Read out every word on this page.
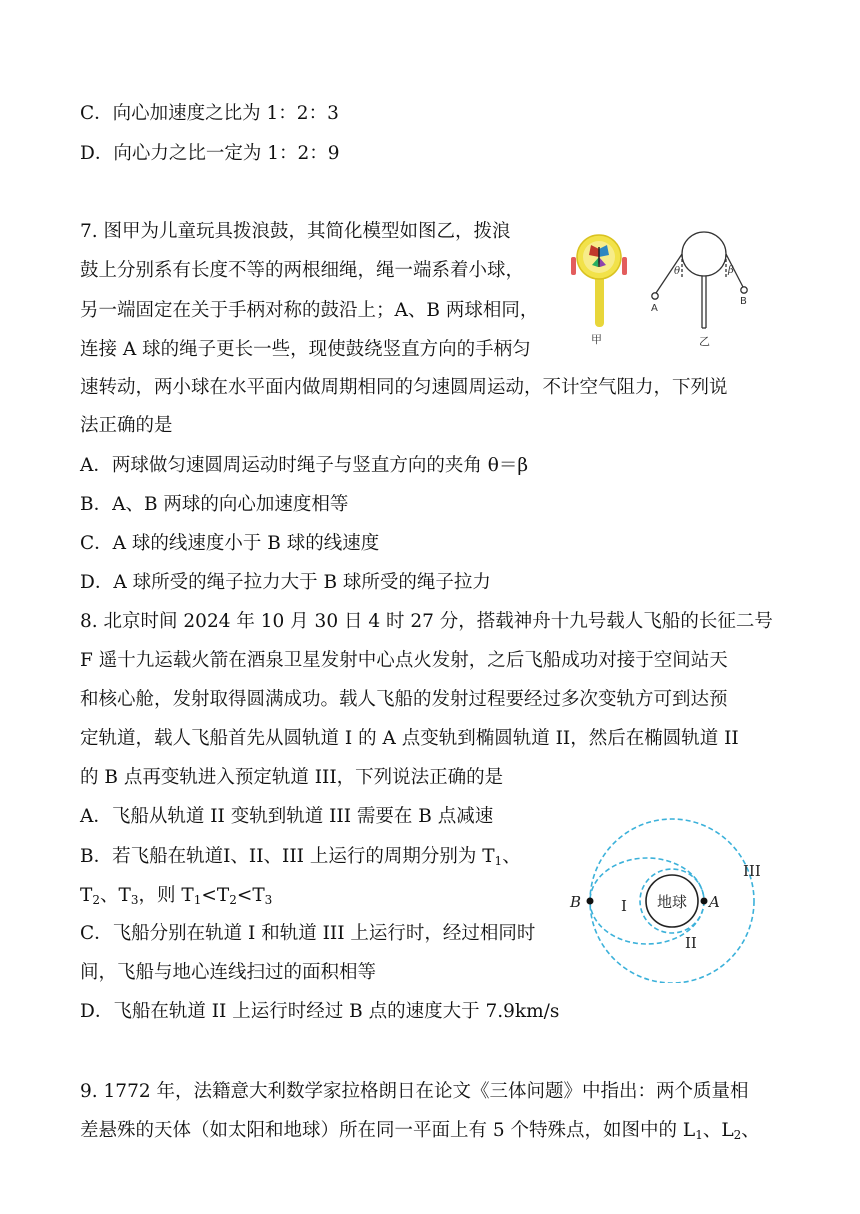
C．向心加速度之比为 1：2：3
D．向心力之比一定为 1：2：9
7. 图甲为儿童玩具拨浪鼓，其简化模型如图乙，拨浪
鼓上分别系有长度不等的两根细绳，绳一端系着小球，
另一端固定在关于手柄对称的鼓沿上；A、B 两球相同，
连接 A 球的绳子更长一些，现使鼓绕竖直方向的手柄匀
速转动，两小球在水平面内做周期相同的匀速圆周运动，不计空气阻力，下列说
法正确的是
A．两球做匀速圆周运动时绳子与竖直方向的夹角 θ＝β
B．A、B 两球的向心加速度相等
C．A 球的线速度小于 B 球的线速度
D．A 球所受的绳子拉力大于 B 球所受的绳子拉力
甲
θ	β
A
B
乙
8. 北京时间 2024 年 10 月 30 日 4 时 27 分，搭载神舟十九号载人飞船的长征二号
F 遥十九运载火箭在酒泉卫星发射中心点火发射，之后飞船成功对接于空间站天
和核心舱，发射取得圆满成功。载人飞船的发射过程要经过多次变轨方可到达预
定轨道，载人飞船首先从圆轨道 I 的 A 点变轨到椭圆轨道 II，然后在椭圆轨道 II
的 B 点再变轨进入预定轨道 III，下列说法正确的是
A．飞船从轨道 II 变轨到轨道 III 需要在 B 点减速
B．若飞船在轨道Ⅰ、II、III 上运行的周期分别为 $T_1$、
$T_2$、$T_3$，则 $T_1<T_2<T_3$
C．飞船分别在轨道 I 和轨道 III 上运行时，经过相同时
间，飞船与地心连线扫过的面积相等
D．飞船在轨道 II 上运行时经过 B 点的速度大于 7.9km/s
地球 A
B	I
II
III
9. 1772 年，法籍意大利数学家拉格朗日在论文《三体问题》中指出：两个质量相
差悬殊的天体（如太阳和地球）所在同一平面上有 5 个特殊点，如图中的 $L_1$、$L_2$、
